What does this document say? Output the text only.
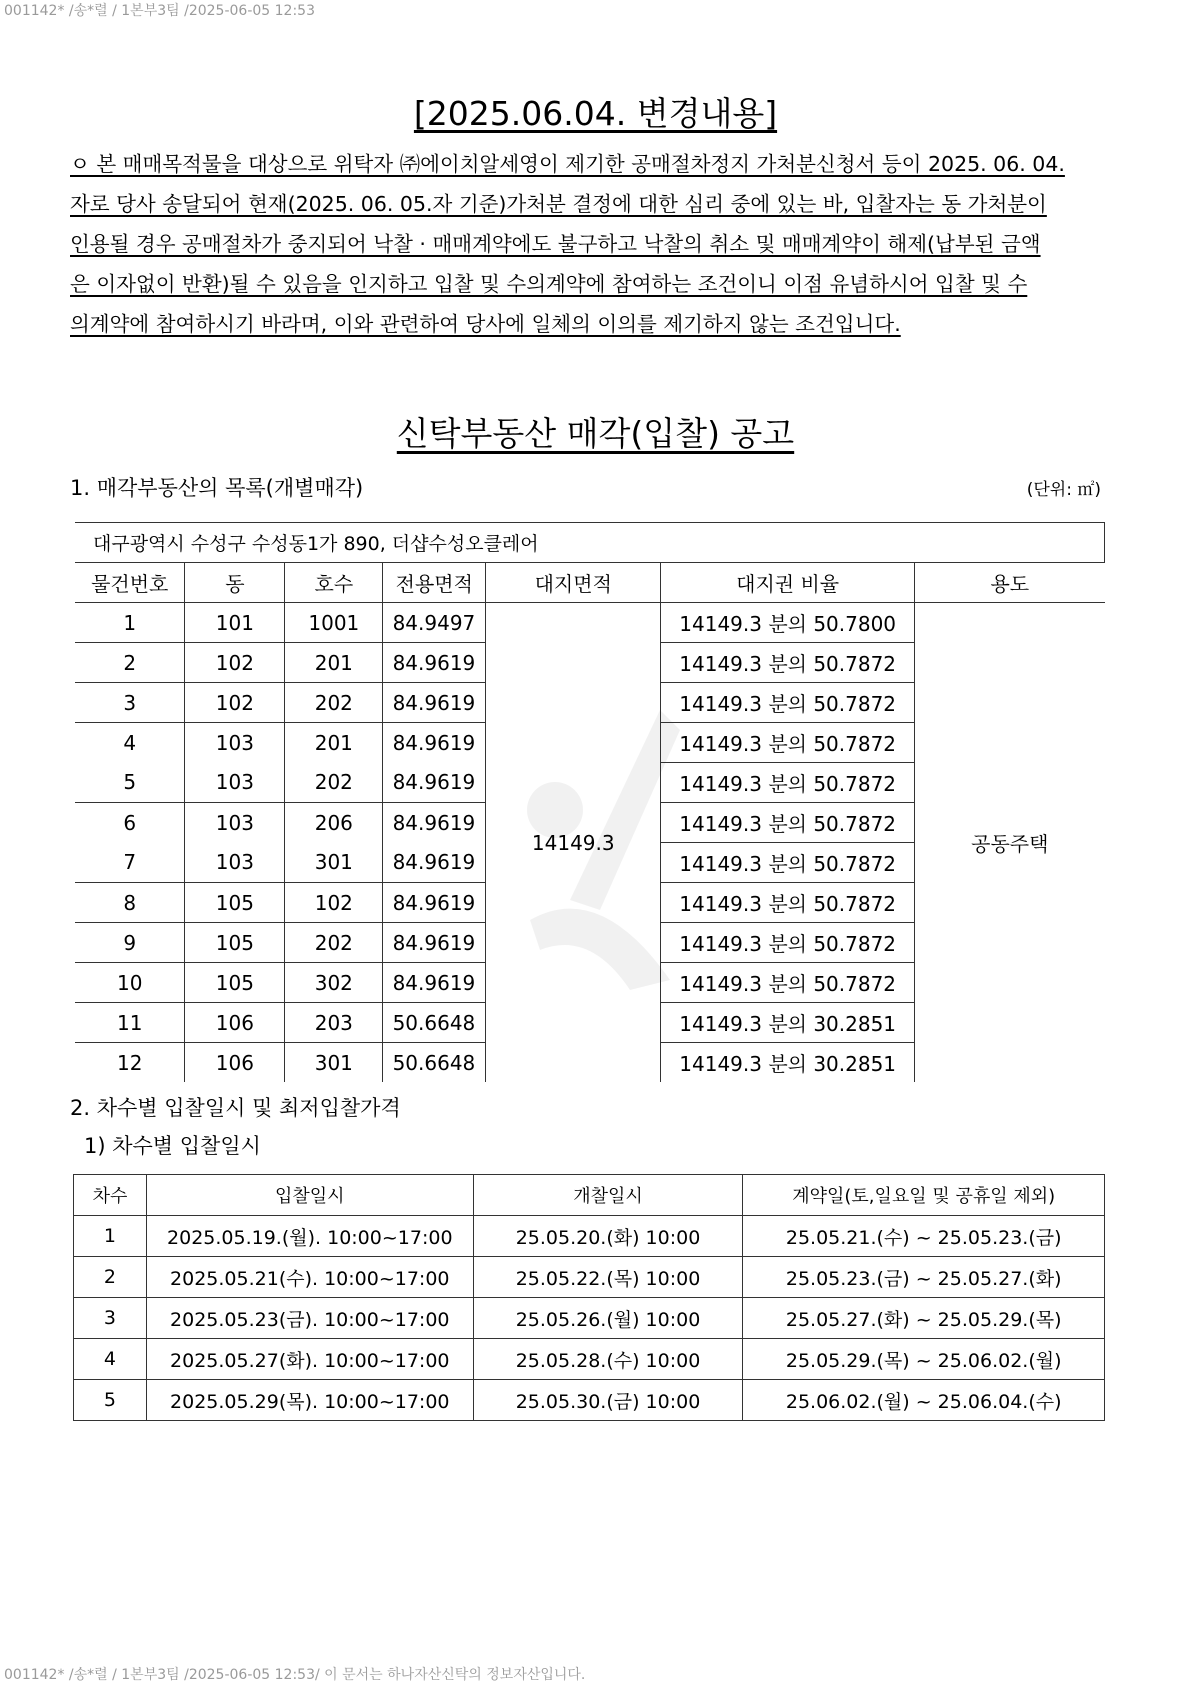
001142* /송*렬 / 1본부3팀 /2025-06-05 12:53
[2025.06.04. 변경내용]
ㅇ 본 매매목적물을 대상으로 위탁자 ㈜에이치알세영이 제기한 공매절차정지 가처분신청서 등이 2025. 06. 04.
자로 당사 송달되어 현재(2025. 06. 05.자 기준)가처분 결정에 대한 심리 중에 있는 바, 입찰자는 동 가처분이
인용될 경우 공매절차가 중지되어 낙찰 · 매매계약에도 불구하고 낙찰의 취소 및 매매계약이 해제(납부된 금액
은 이자없이 반환)될 수 있음을 인지하고 입찰 및 수의계약에 참여하는 조건이니 이점 유념하시어 입찰 및 수
의계약에 참여하시기 바라며, 이와 관련하여 당사에 일체의 이의를 제기하지 않는 조건입니다.
신탁부동산 매각(입찰) 공고
1. 매각부동산의 목록(개별매각)	(단위: ㎡)
대구광역시 수성구 수성동1가 890, 더샵수성오클레어						
물건번호	동	호수	전용면적	대지면적	대지권 비율	용도
1	101	1001	84.9497	14149.3	14149.3 분의 50.7800	공동주택
2	102	201	84.9619		14149.3 분의 50.7872	
3	102	202	84.9619		14149.3 분의 50.7872	
4	103	201	84.9619		14149.3 분의 50.7872	
5	103	202	84.9619		14149.3 분의 50.7872	
6	103	206	84.9619		14149.3 분의 50.7872	
7	103	301	84.9619		14149.3 분의 50.7872	
8	105	102	84.9619		14149.3 분의 50.7872	
9	105	202	84.9619		14149.3 분의 50.7872	
10	105	302	84.9619		14149.3 분의 50.7872	
11	106	203	50.6648		14149.3 분의 30.2851	
12	106	301	50.6648		14149.3 분의 30.2851	
2. 차수별 입찰일시 및 최저입찰가격
1) 차수별 입찰일시
차수	입찰일시	개찰일시	계약일(토,일요일 및 공휴일 제외)
1	2025.05.19.(월). 10:00~17:00	25.05.20.(화) 10:00	25.05.21.(수) ~ 25.05.23.(금)
2	2025.05.21(수). 10:00~17:00	25.05.22.(목) 10:00	25.05.23.(금) ~ 25.05.27.(화)
3	2025.05.23(금). 10:00~17:00	25.05.26.(월) 10:00	25.05.27.(화) ~ 25.05.29.(목)
4	2025.05.27(화). 10:00~17:00	25.05.28.(수) 10:00	25.05.29.(목) ~ 25.06.02.(월)
5	2025.05.29(목). 10:00~17:00	25.05.30.(금) 10:00	25.06.02.(월) ~ 25.06.04.(수)
001142* /송*렬 / 1본부3팀 /2025-06-05 12:53/ 이 문서는 하나자산신탁의 정보자산입니다.
